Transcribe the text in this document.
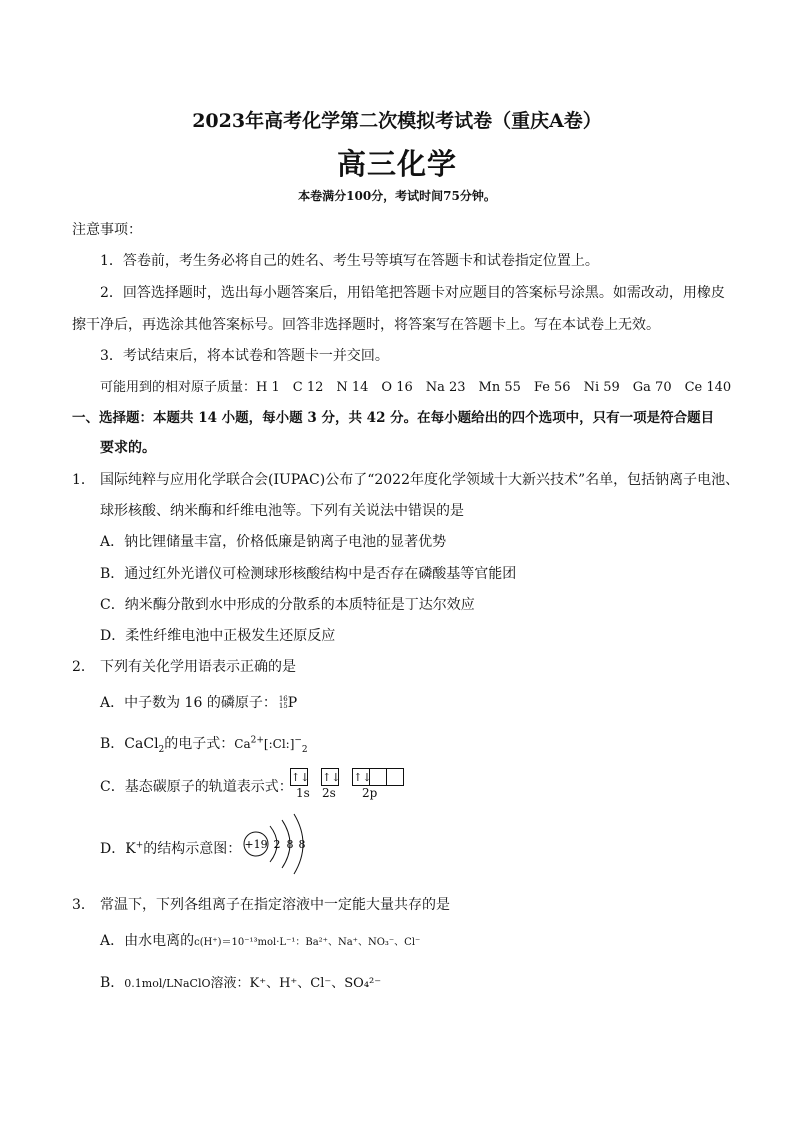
2023年高考化学第二次模拟考试卷（重庆A卷）
高三化学
本卷满分100分，考试时间75分钟。
注意事项：
1．答卷前，考生务必将自己的姓名、考生号等填写在答题卡和试卷指定位置上。
2．回答选择题时，选出每小题答案后，用铅笔把答题卡对应题目的答案标号涂黑。如需改动，用橡皮
擦干净后，再选涂其他答案标号。回答非选择题时，将答案写在答题卡上。写在本试卷上无效。
3．考试结束后，将本试卷和答题卡一并交回。
可能用到的相对原子质量：H 1　C 12　N 14　O 16　Na 23　Mn 55　Fe 56　Ni 59　Ga 70　Ce 140
一、选择题：本题共 14 小题，每小题 3 分，共 42 分。在每小题给出的四个选项中，只有一项是符合题目
要求的。
1． 国际纯粹与应用化学联合会(IUPAC)公布了“2022年度化学领域十大新兴技术”名单，包括钠离子电池、
球形核酸、纳米酶和纤维电池等。下列有关说法中错误的是
A．钠比锂储量丰富，价格低廉是钠离子电池的显著优势
B．通过红外光谱仪可检测球形核酸结构中是否存在磷酸基等官能团
C．纳米酶分散到水中形成的分散系的本质特征是丁达尔效应
D．柔性纤维电池中正极发生还原反应
2． 下列有关化学用语表示正确的是
A．中子数为 16 的磷原子： 16
15 P
B．CaCl$_2$的电子式：$Ca^{2+}[:Cl:]^-_2$
C．基态碳原子的轨道表示式：
↑↓ ↑↓ ↑↓
1s 2s 2p
D．K+的结构示意图： +19 2 8 8
3． 常温下，下列各组离子在指定溶液中一定能大量共存的是
A．由水电离的c(H⁺)＝10⁻¹³mol·L⁻¹：Ba²⁺、Na⁺、NO₃⁻、Cl⁻
B．0.1mol/LNaClO溶液：K⁺、H⁺、Cl⁻、SO₄²⁻
